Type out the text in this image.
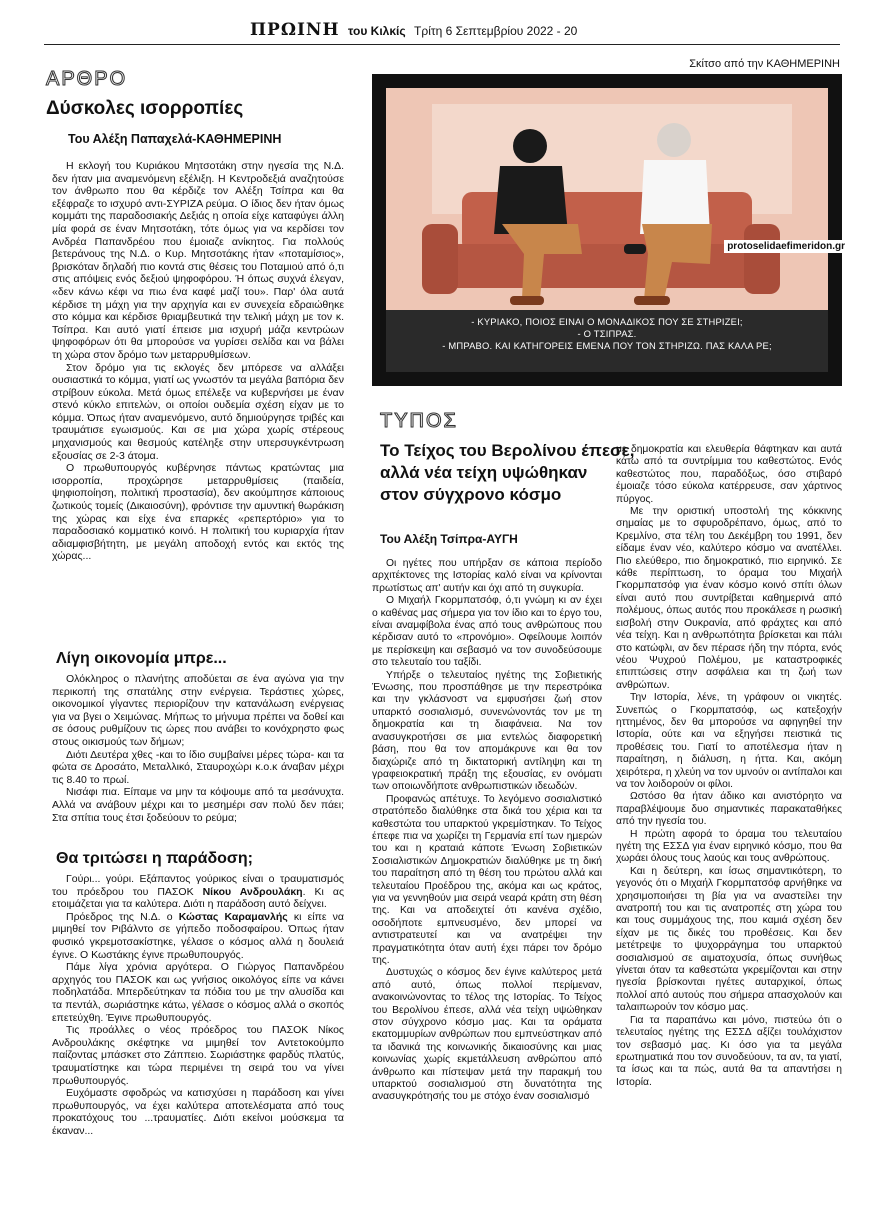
ΠΡΩΙΝΗ του Κιλκίς Τρίτη 6 Σεπτεμβρίου 2022 - 20
ΑΡΘΡΟ
Δύσκολες ισορροπίες
Του Αλέξη Παπαχελά-ΚΑΘΗΜΕΡΙΝΗ

Η εκλογή του Κυριάκου Μητσοτάκη στην ηγεσία της Ν.Δ. δεν ήταν μια αναμενόμενη εξέλιξη. Η Κεντροδεξιά αναζητούσε τον άνθρωπο που θα κέρδιζε τον Αλέξη Τσίπρα και θα εξέφραζε το ισχυρό αντι-ΣΥΡΙΖΑ ρεύμα. Ο ίδιος δεν ήταν όμως κομμάτι της παραδοσιακής Δεξιάς η οποία είχε καταφύγει άλλη μία φορά σε έναν Μητσοτάκη, τότε όμως για να κερδίσει τον Ανδρέα Παπανδρέου που έμοιαζε ανίκητος. Για πολλούς βετεράνους της Ν.Δ. ο Κυρ. Μητσοτάκης ήταν «ποταμίσιος», βρισκόταν δηλαδή πιο κοντά στις θέσεις του Ποταμιού από ό,τι στις απόψεις ενός δεξιού ψηφοφόρου. Ή όπως συχνά έλεγαν, «δεν κάνω κέφι να πιω ένα καφέ μαζί του». Παρ' όλα αυτά κέρδισε τη μάχη για την αρχηγία και εν συνεχεία εδραιώθηκε στο κόμμα και κέρδισε θριαμβευτικά την τελική μάχη με τον κ. Τσίπρα. Και αυτό γιατί έπεισε μια ισχυρή μάζα κεντρώων ψηφοφόρων ότι θα μπορούσε να γυρίσει σελίδα και να βάλει τη χώρα στον δρόμο των μεταρρυθμίσεων.

Στον δρόμο για τις εκλογές δεν μπόρεσε να αλλάξει ουσιαστικά το κόμμα, γιατί ως γνωστόν τα μεγάλα βαπόρια δεν στρίβουν εύκολα. Μετά όμως επέλεξε να κυβερνήσει με έναν στενό κύκλο επιτελών, οι οποίοι ουδεμία σχέση είχαν με το κόμμα. Όπως ήταν αναμενόμενο, αυτό δημιούργησε τριβές και τραυμάτισε εγωισμούς. Και σε μια χώρα χωρίς στέρεους μηχανισμούς και θεσμούς κατέληξε στην υπερσυγκέντρωση εξουσίας σε 2-3 άτομα.

Ο πρωθυπουργός κυβέρνησε πάντως κρατώντας μια ισορροπία, προχώρησε μεταρρυθμίσεις (παιδεία, ψηφιοποίηση, πολιτική προστασία), δεν ακούμπησε κάποιους ζωτικούς τομείς (Δικαιοσύνη), φρόντισε την αμυντική θωράκιση της χώρας και είχε ένα επαρκές «ρεπερτόριο» για το παραδοσιακό κομματικό κοινό. Η πολιτική του κυριαρχία ήταν αδιαμφισβήτητη, με μεγάλη αποδοχή εντός και εκτός της χώρας...

Λίγη οικονομία μπρε...

Ολόκληρος ο πλανήτης αποδύεται σε ένα αγώνα για την περικοπή της σπατάλης στην ενέργεια. Τεράστιες χώρες, οικονομικοί γίγαντες περιορίζουν την κατανάλωση ενέργειας για να βγει ο Χειμώνας. Μήπως το μήνυμα πρέπει να δοθεί και σε όσους ρυθμίζουν τις ώρες που ανάβει το κονόχρηστο φως στους οικισμούς των δήμων;

Διότι Δευτέρα χθες -και το ίδιο συμβαίνει μέρες τώρα- και τα φώτα σε Δροσάτο, Μεταλλικό, Σταυροχώρι κ.ο.κ άναβαν μέχρι τις 8.40 το πρωί.

Νισάφι πια. Είπαμε να μην τα κόψουμε από τα μεσάνυχτα. Αλλά να ανάβουν μέχρι και το μεσημέρι σαν πολύ δεν πάει; Στα σπίτια τους έτσι ξοδεύουν το ρεύμα;

Θα τριτώσει η παράδοση;

Γούρι... γούρι. Εξάπαντος γούρικος είναι ο τραυματισμός του πρόεδρου του ΠΑΣΟΚ Νίκου Ανδρουλάκη. Κι ας ετοιμάζεται για τα καλύτερα. Διότι η παράδοση αυτό δείχνει.

Πρόεδρος της Ν.Δ. ο Κώστας Καραμανλής κι είπε να μιμηθεί τον Ριβάλντο σε γήπεδο ποδοσφαίρου. Όπως ήταν φυσικό γκρεμοτσακίστηκε, γέλασε ο κόσμος αλλά η δουλειά έγινε. Ο Κωστάκης έγινε πρωθυπουργός.

Πάμε λίγα χρόνια αργότερα. Ο Γιώργος Παπανδρέου αρχηγός του ΠΑΣΟΚ και ως γνήσιος οικολόγος είπε να κάνει ποδηλατάδα. Μπερδεύτηκαν τα πόδια του με την αλυσίδα και τα πεντάλ, σωριάστηκε κάτω, γέλασε ο κόσμος αλλά ο σκοπός επετεύχθη. Έγινε πρωθυπουργός.

Τις προάλλες ο νέος πρόεδρος του ΠΑΣΟΚ Νίκος Ανδρουλάκης σκέφτηκε να μιμηθεί τον Αντετοκούμπο παίζοντας μπάσκετ στο Ζάππειο. Σωριάστηκε φαρδύς πλατύς, τραυματίστηκε και τώρα περιμένει τη σειρά του να γίνει πρωθυπουργός.

Ευχόμαστε σφοδρώς να κατισχύσει η παράδοση και γίνει πρωθυπουργός, να έχει καλύτερα αποτελέσματα από τους προκατόχους του ...τραυματίες. Διότι εκείνοι μούσκεμα τα έκαναν...

Σκίτσο από την ΚΑΘΗΜΕΡΙΝΗ
protoselidaefimeridon.gr
- ΚΥΡΙΑΚΟ, ΠΟΙΟΣ ΕΙΝΑΙ Ο ΜΟΝΑΔΙΚΟΣ ΠΟΥ ΣΕ ΣΤΗΡΙΖΕΙ;
- Ο ΤΣΙΠΡΑΣ.
- ΜΠΡΑΒΟ. ΚΑΙ ΚΑΤΗΓΟΡΕΙΣ ΕΜΕΝΑ ΠΟΥ ΤΟΝ ΣΤΗΡΙΖΩ. ΠΑΣ ΚΑΛΑ ΡΕ;
ΤΥΠΟΣ
Το Τείχος του Βερολίνου έπεσε,
αλλά νέα τείχη υψώθηκαν
στον σύγχρονο κόσμο
Του Αλέξη Τσίπρα-ΑΥΓΗ

Οι ηγέτες που υπήρξαν σε κάποια περίοδο αρχιτέκτονες της Ιστορίας καλό είναι να κρίνονται πρωτίστως απ' αυτήν και όχι από τη συγκυρία.

Ο Μιχαήλ Γκορμπατσόφ, ό,τι γνώμη κι αν έχει ο καθένας μας σήμερα για τον ίδιο και το έργο του, είναι αναμφίβολα ένας από τους ανθρώπους που κέρδισαν αυτό το «προνόμιο». Οφείλουμε λοιπόν με περίσκεψη και σεβασμό να τον συνοδεύσουμε στο τελευταίο του ταξίδι.

Υπήρξε ο τελευταίος ηγέτης της Σοβιετικής Ένωσης, που προσπάθησε με την περεστρόικα και την γκλάσνοστ να εμφυσήσει ζωή στον υπαρκτό σοσιαλισμό, συνενώνοντάς τον με τη δημοκρατία και τη διαφάνεια. Να τον ανασυγκροτήσει σε μια εντελώς διαφορετική βάση, που θα τον απομάκρυνε και θα τον διαχώριζε από τη δικτατορική αντίληψη και τη γραφειοκρατική πράξη της εξουσίας, εν ονόματι των οποιωνδήποτε ανθρωπιστικών ιδεωδών.

Προφανώς απέτυχε. Το λεγόμενο σοσιαλιστικό στρατόπεδο διαλύθηκε στα δικά του χέρια και τα καθεστώτα του υπαρκτού γκρεμίστηκαν. Το Τείχος έπεφε πια να χωρίζει τη Γερμανία επί των ημερών του και η κραταιά κάποτε Ένωση Σοβιετικών Σοσιαλιστικών Δημοκρατιών διαλύθηκε με τη δική του παραίτηση από τη θέση του πρώτου αλλά και τελευταίου Προέδρου της, ακόμα και ως κράτος, για να γεννηθούν μια σειρά νεαρά κράτη στη θέση της. Και να αποδειχτεί ότι κανένα σχέδιο, οσοδήποτε εμπνευσμένο, δεν μπορεί να αντιστρατευτεί και να ανατρέψει την πραγματικότητα όταν αυτή έχει πάρει τον δρόμο της.

Δυστυχώς ο κόσμος δεν έγινε καλύτερος μετά από αυτό, όπως πολλοί περίμεναν, ανακοινώνοντας το τέλος της Ιστορίας. Το Τείχος του Βερολίνου έπεσε, αλλά νέα τείχη υψώθηκαν στον σύγχρονο κόσμο μας. Και τα οράματα εκατομμυρίων ανθρώπων που εμπνεύστηκαν από τα ιδανικά της κοινωνικής δικαιοσύνης και μιας κοινωνίας χωρίς εκμετάλλευση ανθρώπου από άνθρωπο και πίστεψαν μετά την παρακμή του υπαρκτού σοσιαλισμού στη δυνατότητα της ανασυγκρότησής του με στόχο έναν σοσιαλισμό

με δημοκρατία και ελευθερία θάφτηκαν και αυτά κάτω από τα συντρίμμια του καθεστώτος. Ενός καθεστώτος που, παραδόξως, όσο στιβαρό έμοιαζε τόσο εύκολα κατέρρευσε, σαν χάρτινος πύργος.

Με την οριστική υποστολή της κόκκινης σημαίας με το σφυροδρέπανο, όμως, από το Κρεμλίνο, στα τέλη του Δεκέμβρη του 1991, δεν είδαμε έναν νέο, καλύτερο κόσμο να ανατέλλει. Πιο ελεύθερο, πιο δημοκρατικό, πιο ειρηνικό. Σε κάθε περίπτωση, το όραμα του Μιχαήλ Γκορμπατσόφ για έναν κόσμο κοινό σπίτι όλων είναι αυτό που συντρίβεται καθημερινά από πολέμους, όπως αυτός που προκάλεσε η ρωσική εισβολή στην Ουκρανία, από φράχτες και από νέα τείχη. Και η ανθρωπότητα βρίσκεται και πάλι στο κατώφλι, αν δεν πέρασε ήδη την πόρτα, ενός νέου Ψυχρού Πολέμου, με καταστροφικές επιπτώσεις στην ασφάλεια και τη ζωή των ανθρώπων.

Την Ιστορία, λένε, τη γράφουν οι νικητές. Συνεπώς ο Γκορμπατσόφ, ως κατεξοχήν ηττημένος, δεν θα μπορούσε να αφηγηθεί την Ιστορία, ούτε και να εξηγήσει πειστικά τις προθέσεις του. Γιατί το αποτέλεσμα ήταν η παραίτηση, η διάλυση, η ήττα. Και, ακόμη χειρότερα, η χλεύη να τον υμνούν οι αντίπαλοι και να τον λοιδορούν οι φίλοι.

Ωστόσο θα ήταν άδικο και ανιστόρητο να παραβλέψουμε δυο σημαντικές παρακαταθήκες από την ηγεσία του.

Η πρώτη αφορά το όραμα του τελευταίου ηγέτη της ΕΣΣΔ για έναν ειρηνικό κόσμο, που θα χωράει όλους τους λαούς και τους ανθρώπους.

Και η δεύτερη, και ίσως σημαντικότερη, το γεγονός ότι ο Μιχαήλ Γκορμπατσόφ αρνήθηκε να χρησιμοποιήσει τη βία για να αναστείλει την ανατροπή του και τις ανατροπές στη χώρα του και τους συμμάχους της, που καμιά σχέση δεν είχαν με τις δικές του προθέσεις. Και δεν μετέτρεψε το ψυχορράγημα του υπαρκτού σοσιαλισμού σε αιματοχυσία, όπως συνήθως γίνεται όταν τα καθεστώτα γκρεμίζονται και στην ηγεσία βρίσκονται ηγέτες αυταρχικοί, όπως πολλοί από αυτούς που σήμερα απασχολούν και ταλαιπωρούν τον κόσμο μας.

Για τα παραπάνω και μόνο, πιστεύω ότι ο τελευταίος ηγέτης της ΕΣΣΔ αξίζει τουλάχιστον τον σεβασμό μας. Κι όσο για τα μεγάλα ερωτηματικά που τον συνοδεύουν, τα αν, τα γιατί, τα ίσως και τα πώς, αυτά θα τα απαντήσει η Ιστορία.
